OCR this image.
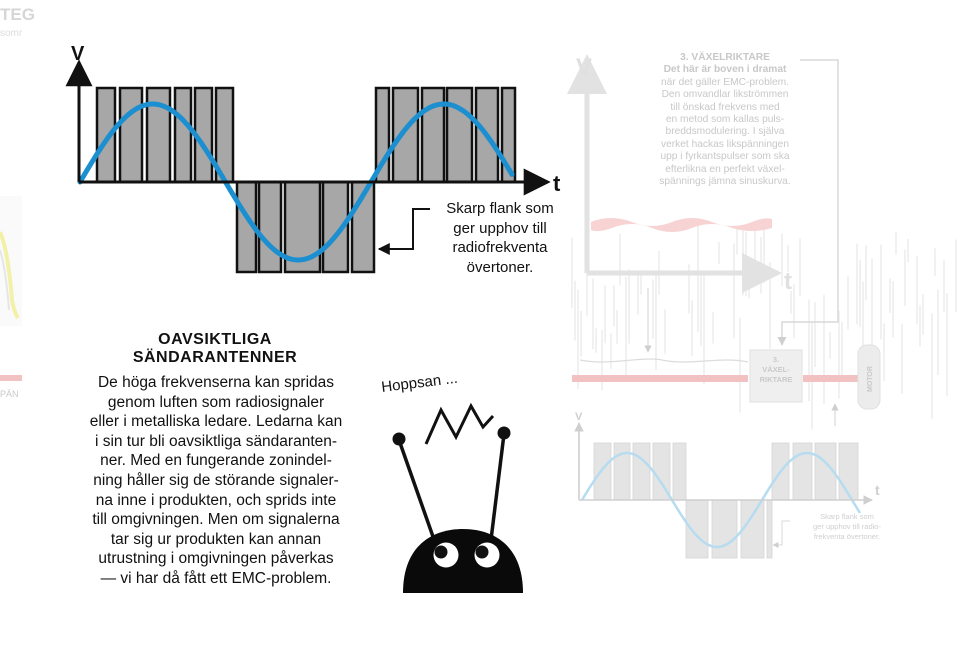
TEG
somr
PÄN
V
t
Hoppsan ...
V
t
3.
VÄXEL-
RIKTARE	MOTOR
V
t
OAVSIKTLIGA
SÄNDARANTENNER
De höga frekvenserna kan spridas
genom luften som radiosignaler
eller i metalliska ledare. Ledarna kan
i sin tur bli oavsiktliga sändaranten-
ner. Med en fungerande zonindel-
ning håller sig de störande signaler-
na inne i produkten, och sprids inte
till omgivningen. Men om signalerna
tar sig ur produkten kan annan
utrustning i omgivningen påverkas
— vi har då fått ett EMC-problem.
Skarp flank som
ger upphov till
radiofrekventa
övertoner.
3. VÄXELRIKTARE
Det här är boven i dramat
när det gäller EMC-problem.
Den omvandlar likströmmen
till önskad frekvens med
en metod som kallas puls-
breddsmodulering. I själva
verket hackas likspänningen
upp i fyrkantspulser som ska
efterlikna en perfekt växel-
spännings jämna sinuskurva.
Skarp flank som
ger upphov till radio-
frekventa övertoner.
